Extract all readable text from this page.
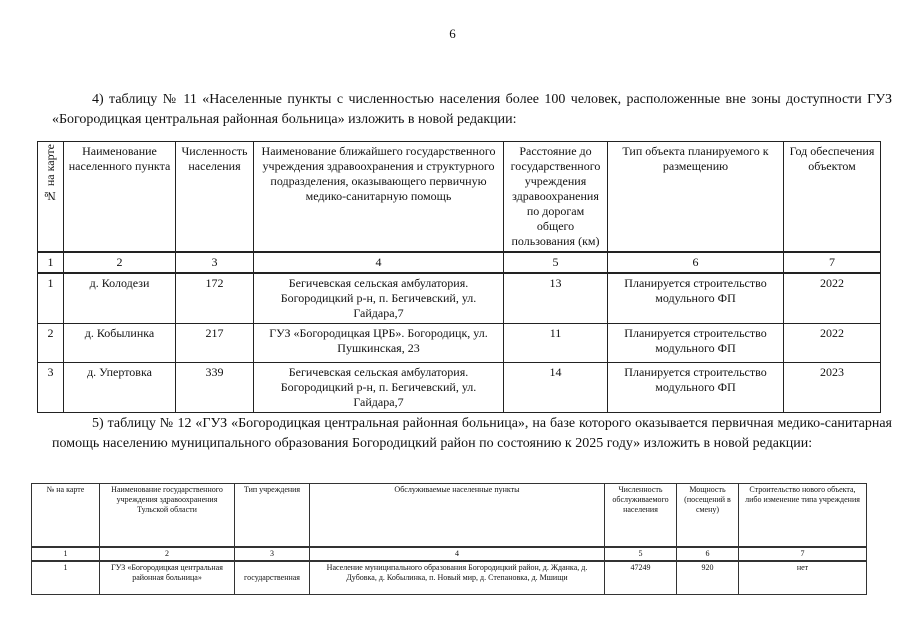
6
4) таблицу № 11 «Населенные пункты с численностью населения более 100 человек, расположенные вне зоны доступности ГУЗ «Богородицкая центральная районная больница» изложить в новой редакции:
№ на карте	Наименование населенного пункта	Численность населения	Наименование ближайшего государственного учреждения здравоохранения и структурного подразделения, оказывающего первичную медико-санитарную помощь	Расстояние до государственного учреждения здравоохранения по дорогам общего пользования (км)	Тип объекта планируемого к размещению	Год обеспечения объектом
1	2	3	4	5	6	7
1	д. Колодези	172	Бегичевская сельская амбулатория. Богородицкий р-н, п. Бегичевский, ул. Гайдара,7	13	Планируется строительство модульного ФП	2022
2	д. Кобылинка	217	ГУЗ «Богородицкая ЦРБ». Богородицк, ул. Пушкинская, 23	11	Планируется строительство модульного ФП	2022
3	д. Упертовка	339	Бегичевская сельская амбулатория. Богородицкий р-н, п. Бегичевский, ул. Гайдара,7	14	Планируется строительство модульного ФП	2023
5) таблицу № 12 «ГУЗ «Богородицкая центральная районная больница», на базе которого оказывается первичная медико-санитарная помощь населению муниципального образования Богородицкий район по состоянию к 2025 году» изложить в новой редакции:
№ на карте	Наименование государственного учреждения здравоохранения Тульской области	Тип учреждения	Обслуживаемые населенные пункты	Численность обслуживаемого населения	Мощность (посещений в смену)	Строительство нового объекта, либо изменение типа учреждения
1	2	3	4	5	6	7
1	ГУЗ «Богородицкая центральная районная больница»	государственная	Население муниципального образования Богородицкий район, д. Жданка, д. Дубовка, д. Кобылинка, п. Новый мир, д. Степановка, д. Мшищи	47249	920	нет
